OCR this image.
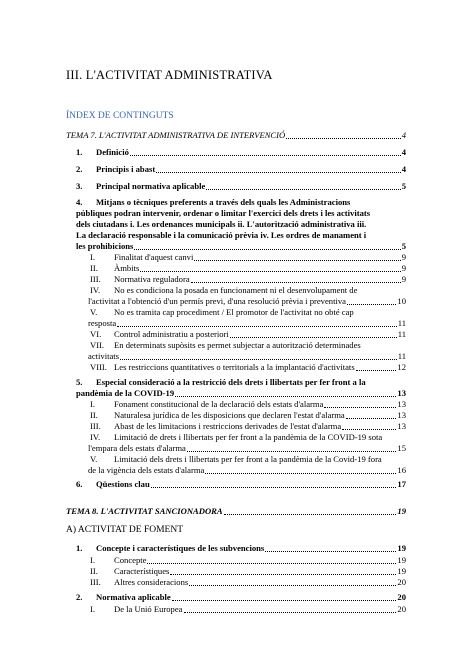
III. L'ACTIVITAT ADMINISTRATIVA
ÍNDEX DE CONTINGUTS
TEMA 7. L'ACTIVITAT ADMINISTRATIVA DE INTERVENCIÓ	4
1.	Definició	4
2.	Principis i abast	4
3.	Principal normativa aplicable	5
4.	Mitjans o tècniques preferents a través dels quals les Administracions
públiques podran intervenir, ordenar o limitar l'exercici dels drets i les activitats
dels ciutadans i. Les ordenances municipals ii. L'autorització administrativa iii.
La declaració responsable i la comunicació prèvia iv. Les ordres de manament i
les prohibicions	5
I.	Finalitat d'aquest canvi	9
II.	Àmbits	9
III.	Normativa reguladora	9
IV.	No es condiciona la posada en funcionament ni el desenvolupament de
l'activitat a l'obtenció d'un permís previ, d'una resolució prèvia i preventiva	10
V.	No es tramita cap procediment / El promotor de l'activitat no obté cap
resposta	11
VI.	Control administratiu a posteriori	11
VII.	En determinats supòsits es permet subjectar a autorització determinades
activitats	11
VIII. Les restriccions quantitatives o territorials a la implantació d'activitats	12
5.	Especial consideració a la restricció dels drets i llibertats per fer front a la
pandèmia de la COVID-19	13
I.	Fonament constitucional de la declaració dels estats d'alarma	13
II.	Naturalesa jurídica de les disposicions que declaren l'estat d'alarma	13
III.	Abast de les limitacions i restriccions derivades de l'estat d'alarma	13
IV.	Limitació de drets i llibertats per fer front a la pandèmia de la COVID-19 sota
l'empara dels estats d'alarma	15
V.	Limitació dels drets i llibertats per fer front a la pandèmia de la Covid-19 fora
de la vigència dels estats d'alarma	16
6.	Qüestions clau	17
TEMA 8. L'ACTIVITAT SANCIONADORA	19
A) ACTIVITAT DE FOMENT
1.	Concepte i característiques de les subvencions	19
I.	Concepte	19
II.	Característiques	19
III.	Altres consideracions	20
2.	Normativa aplicable	20
I.	De la Unió Europea	20
